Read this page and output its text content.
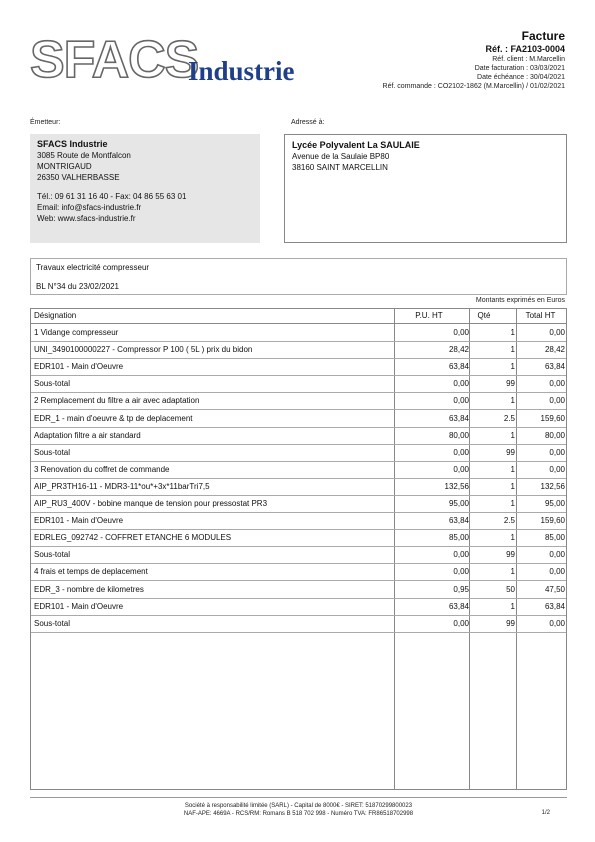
SFACS
Industrie
Facture
Réf. : FA2103-0004
Réf. client : M.Marcellin
Date facturation : 03/03/2021
Date échéance : 30/04/2021
Réf. commande : CO2102-1862 (M.Marcellin) / 01/02/2021
Émetteur:	Adressé à:
SFACS Industrie
3085 Route de Montfalcon
MONTRIGAUD
26350 VALHERBASSE
Tél.: 09 61 31 16 40 - Fax: 04 86 55 63 01
Email: info@sfacs-industrie.fr
Web: www.sfacs-industrie.fr
Lycée Polyvalent La SAULAIE
Avenue de la Saulaie BP80
38160 SAINT MARCELLIN
Travaux electricité compresseur
BL N°34 du 23/02/2021
Montants exprimés en Euros
Désignation	P.U. HT	Qté	Total HT
1 Vidange compresseur	0,00	1	0,00
UNI_3490100000227 - Compressor P 100 ( 5L ) prix du bidon	28,42	1	28,42
EDR101 - Main d'Oeuvre	63,84	1	63,84
Sous-total	0,00	99	0,00
2 Remplacement du filtre a air avec adaptation	0,00	1	0,00
EDR_1 - main d'oeuvre & tp de deplacement	63,84	2.5	159,60
Adaptation filtre a air standard	80,00	1	80,00
Sous-total	0,00	99	0,00
3 Renovation du coffret de commande	0,00	1	0,00
AIP_PR3TH16-11 - MDR3-11*ou*+3x*11barTri7,5	132,56	1	132,56
AIP_RU3_400V - bobine manque de tension pour pressostat PR3	95,00	1	95,00
EDR101 - Main d'Oeuvre	63,84	2.5	159,60
EDRLEG_092742 - COFFRET ETANCHE 6 MODULES	85,00	1	85,00
Sous-total	0,00	99	0,00
4 frais et temps de deplacement	0,00	1	0,00
EDR_3 - nombre de kilometres	0,95	50	47,50
EDR101 - Main d'Oeuvre	63,84	1	63,84
Sous-total	0,00	99	0,00
Société à responsabilité limitée (SARL) - Capital de 8000€ - SIRET: 51870299800023
NAF-APE: 4669A - RCS/RM: Romans B 518 702 998 - Numéro TVA: FR86518702998	1/2
